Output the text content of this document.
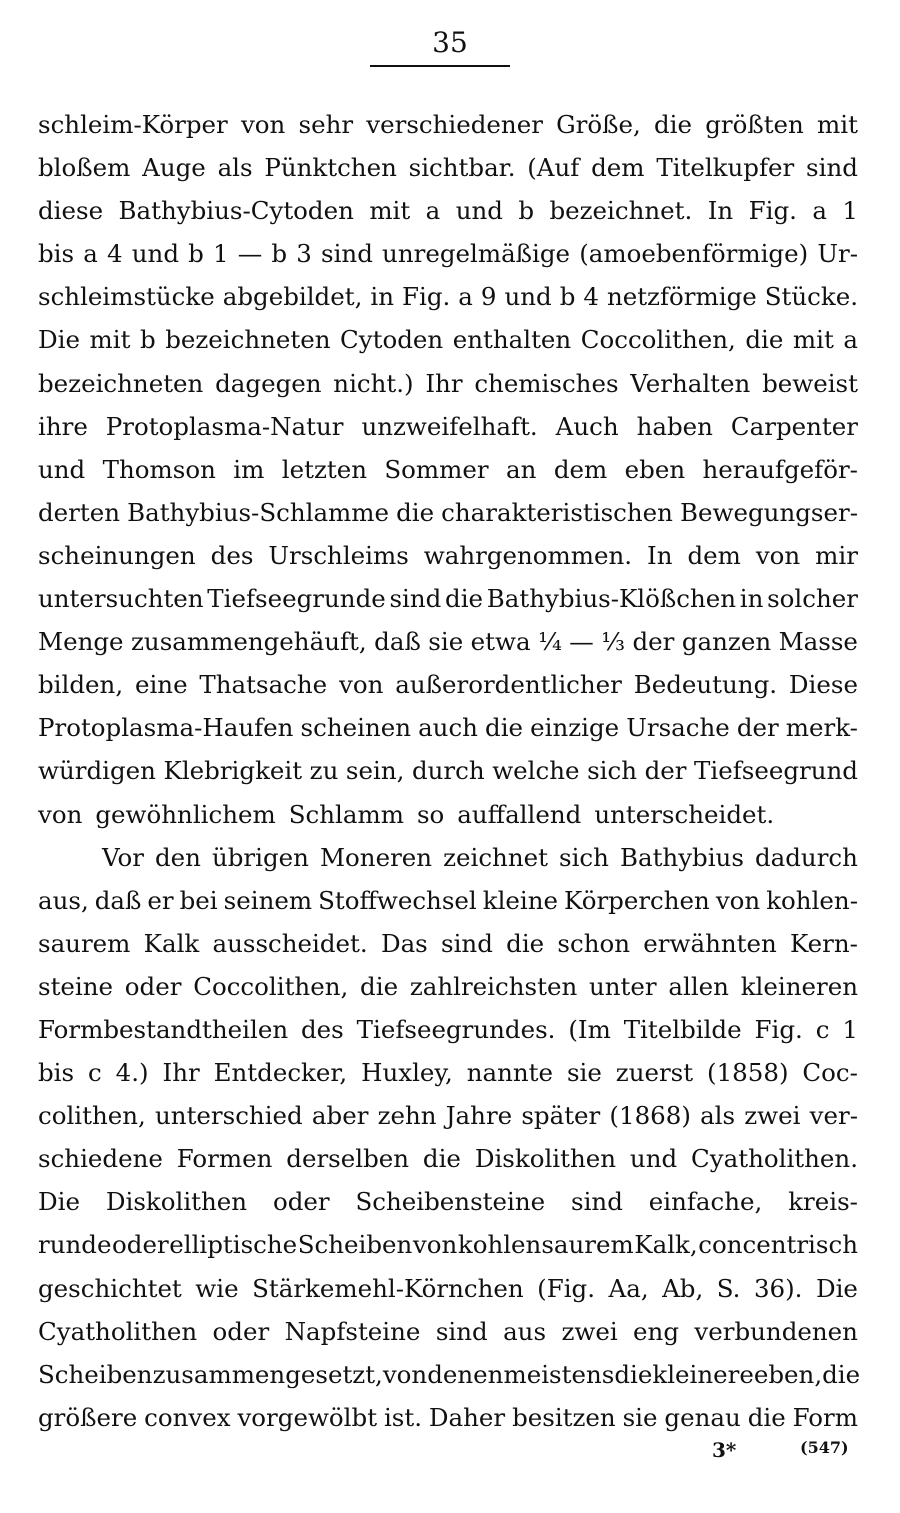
35
schleim-Körper von sehr verschiedener Größe, die größten mit
bloßem Auge als Pünktchen sichtbar. (Auf dem Titelkupfer sind
diese Bathybius-Cytoden mit a und b bezeichnet. In Fig. a 1
bis a 4 und b 1 — b 3 sind unregelmäßige (amoebenförmige) Ur-
schleimstücke abgebildet, in Fig. a 9 und b 4 netzförmige Stücke.
Die mit b bezeichneten Cytoden enthalten Coccolithen, die mit a
bezeichneten dagegen nicht.) Ihr chemisches Verhalten beweist
ihre Protoplasma-Natur unzweifelhaft. Auch haben Carpenter
und Thomson im letzten Sommer an dem eben heraufgeför-
derten Bathybius-Schlamme die charakteristischen Bewegungser-
scheinungen des Urschleims wahrgenommen. In dem von mir
untersuchten Tiefseegrunde sind die Bathybius-Klößchen in solcher
Menge zusammengehäuft, daß sie etwa ¼ — ⅓ der ganzen Masse
bilden, eine Thatsache von außerordentlicher Bedeutung. Diese
Protoplasma-Haufen scheinen auch die einzige Ursache der merk-
würdigen Klebrigkeit zu sein, durch welche sich der Tiefseegrund
von gewöhnlichem Schlamm so auffallend unterscheidet.
Vor den übrigen Moneren zeichnet sich Bathybius dadurch
aus, daß er bei seinem Stoffwechsel kleine Körperchen von kohlen-
saurem Kalk ausscheidet. Das sind die schon erwähnten Kern-
steine oder Coccolithen, die zahlreichsten unter allen kleineren
Formbestandtheilen des Tiefseegrundes. (Im Titelbilde Fig. c 1
bis c 4.) Ihr Entdecker, Huxley, nannte sie zuerst (1858) Coc-
colithen, unterschied aber zehn Jahre später (1868) als zwei ver-
schiedene Formen derselben die Diskolithen und Cyatholithen.
Die Diskolithen oder Scheibensteine sind einfache, kreis-
runde oder elliptische Scheiben von kohlensaurem Kalk, concentrisch
geschichtet wie Stärkemehl-Körnchen (Fig. Aa, Ab, S. 36). Die
Cyatholithen oder Napfsteine sind aus zwei eng verbundenen
Scheiben zusammengesetzt, von denen meistens die kleinere eben, die
größere convex vorgewölbt ist. Daher besitzen sie genau die Form
3*	(547)
